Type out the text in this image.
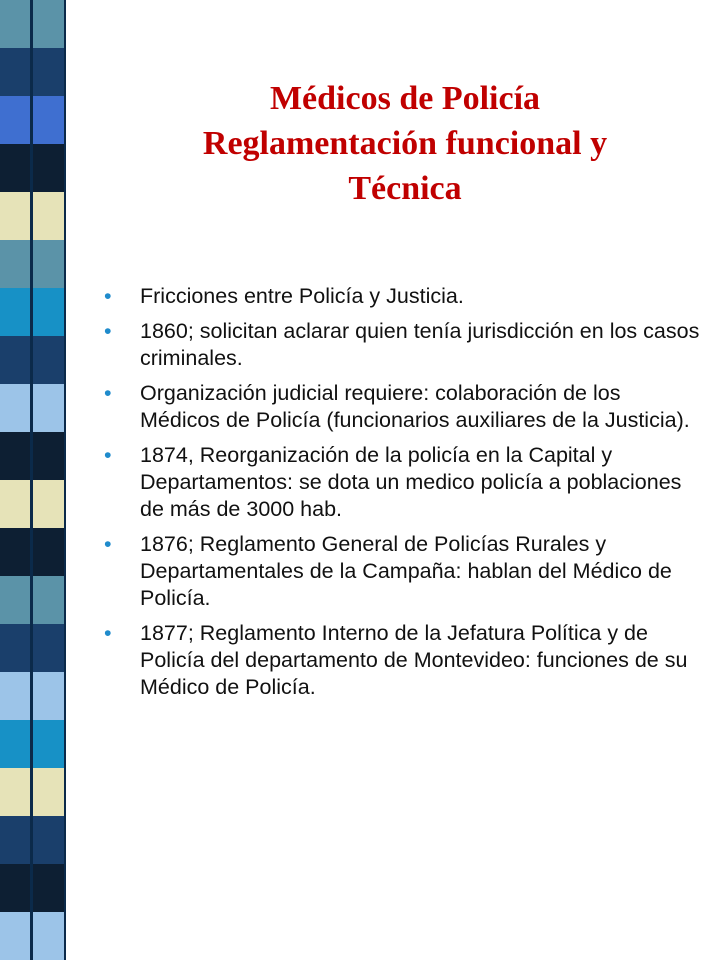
Médicos de Policía
Reglamentación funcional y
Técnica
• Fricciones entre Policía y Justicia.
• 1860; solicitan aclarar quien tenía jurisdicción en los casos criminales.
• Organización judicial requiere: colaboración de los Médicos de Policía (funcionarios auxiliares de la Justicia).
• 1874, Reorganización de la policía en la Capital y Departamentos: se dota un medico policía a poblaciones de más de 3000 hab.
• 1876; Reglamento General de Policías Rurales y Departamentales de la Campaña: hablan del Médico de Policía.
• 1877; Reglamento Interno de la Jefatura Política y de Policía del departamento de Montevideo: funciones de su Médico de Policía.
